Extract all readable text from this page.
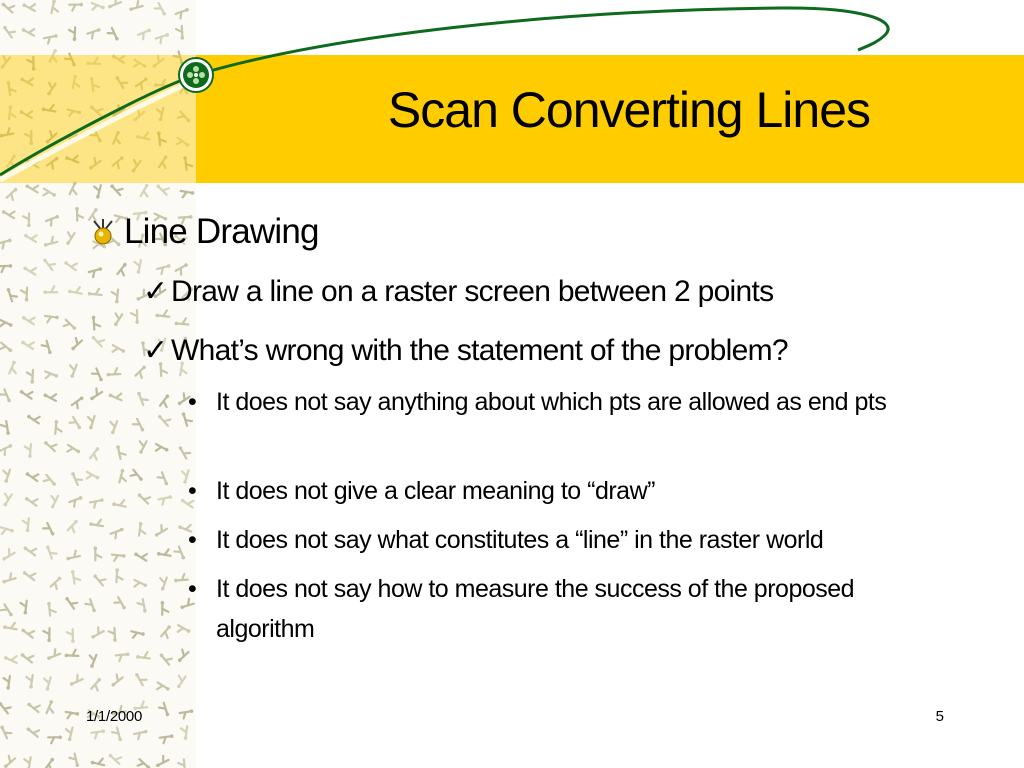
Scan Converting Lines
Line Drawing
✓ Draw a line on a raster screen between 2 points
✓ What’s wrong with the statement of the problem?
• It does not say anything about which pts are allowed as end pts
• It does not give a clear meaning to “draw”
• It does not say what constitutes a “line” in the raster world
• It does not say how to measure the success of the proposed algorithm
1/1/2000	5
